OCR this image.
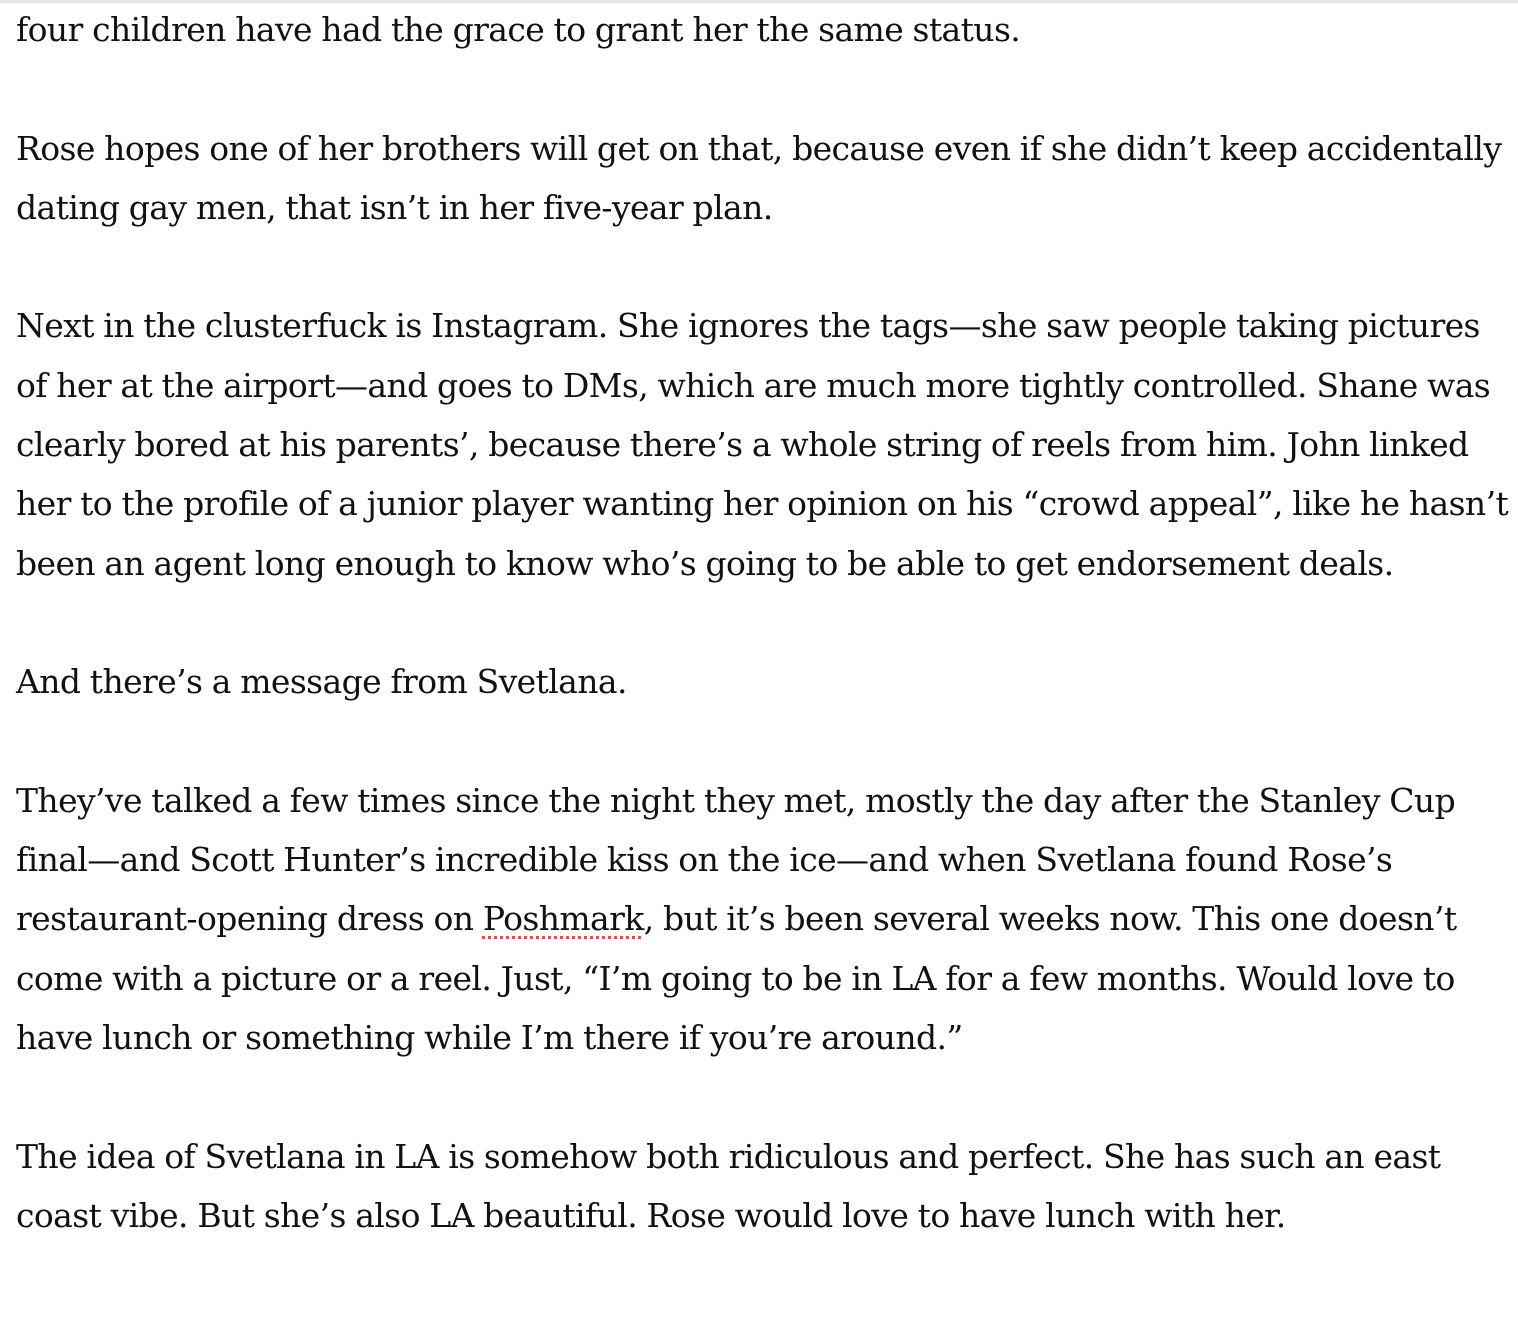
four children have had the grace to grant her the same status.

Rose hopes one of her brothers will get on that, because even if she didn’t keep accidentally dating gay men, that isn’t in her five-year plan.

Next in the clusterfuck is Instagram. She ignores the tags—she saw people taking pictures of her at the airport—and goes to DMs, which are much more tightly controlled. Shane was clearly bored at his parents’, because there’s a whole string of reels from him. John linked her to the profile of a junior player wanting her opinion on his “crowd appeal”, like he hasn’t been an agent long enough to know who’s going to be able to get endorsement deals.

And there’s a message from Svetlana.

They’ve talked a few times since the night they met, mostly the day after the Stanley Cup final—and Scott Hunter’s incredible kiss on the ice—and when Svetlana found Rose’s restaurant-opening dress on Poshmark, but it’s been several weeks now. This one doesn’t come with a picture or a reel. Just, “I’m going to be in LA for a few months. Would love to have lunch or something while I’m there if you’re around.”

The idea of Svetlana in LA is somehow both ridiculous and perfect. She has such an east coast vibe. But she’s also LA beautiful. Rose would love to have lunch with her.
